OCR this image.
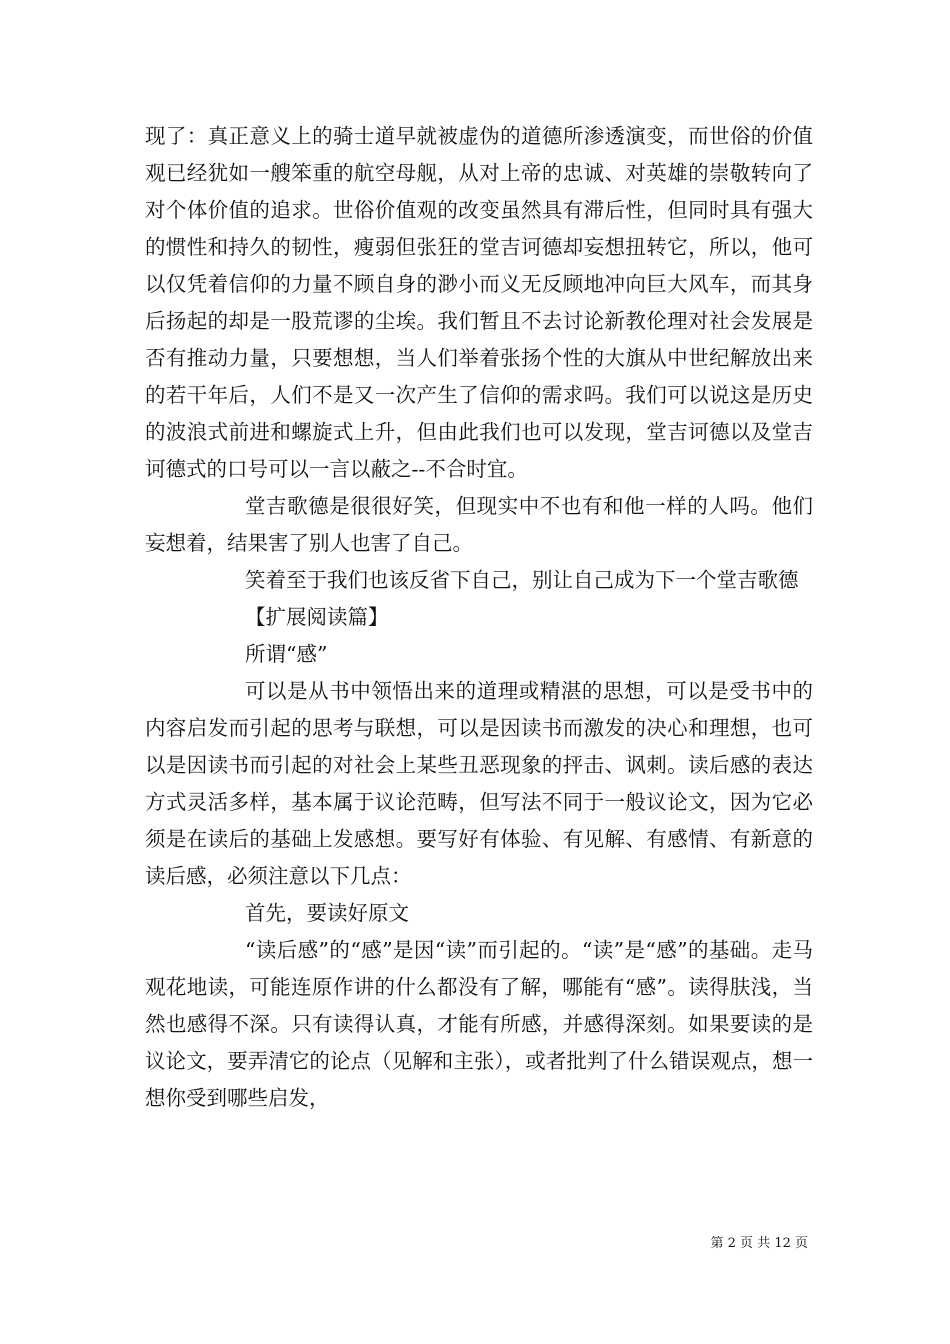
现了：真正意义上的骑士道早就被虚伪的道德所渗透演变，而世俗的价值观已经犹如一艘笨重的航空母舰，从对上帝的忠诚、对英雄的崇敬转向了对个体价值的追求。世俗价值观的改变虽然具有滞后性，但同时具有强大的惯性和持久的韧性，瘦弱但张狂的堂吉诃德却妄想扭转它，所以，他可以仅凭着信仰的力量不顾自身的渺小而义无反顾地冲向巨大风车，而其身后扬起的却是一股荒谬的尘埃。我们暂且不去讨论新教伦理对社会发展是否有推动力量，只要想想，当人们举着张扬个性的大旗从中世纪解放出来的若干年后，人们不是又一次产生了信仰的需求吗。我们可以说这是历史的波浪式前进和螺旋式上升，但由此我们也可以发现，堂吉诃德以及堂吉诃德式的口号可以一言以蔽之--不合时宜。

堂吉歌德是很很好笑，但现实中不也有和他一样的人吗。他们妄想着，结果害了别人也害了自己。

笑着至于我们也该反省下自己，别让自己成为下一个堂吉歌德

【扩展阅读篇】

所谓“感”

可以是从书中领悟出来的道理或精湛的思想，可以是受书中的内容启发而引起的思考与联想，可以是因读书而激发的决心和理想，也可以是因读书而引起的对社会上某些丑恶现象的抨击、讽刺。读后感的表达方式灵活多样，基本属于议论范畴，但写法不同于一般议论文，因为它必须是在读后的基础上发感想。要写好有体验、有见解、有感情、有新意的读后感，必须注意以下几点：

首先，要读好原文

“读后感”的“感”是因“读”而引起的。“读”是“感”的基础。走马观花地读，可能连原作讲的什么都没有了解，哪能有“感”。读得肤浅，当然也感得不深。只有读得认真，才能有所感，并感得深刻。如果要读的是议论文，要弄清它的论点（见解和主张），或者批判了什么错误观点，想一想你受到哪些启发，

第 2 页 共 12 页
